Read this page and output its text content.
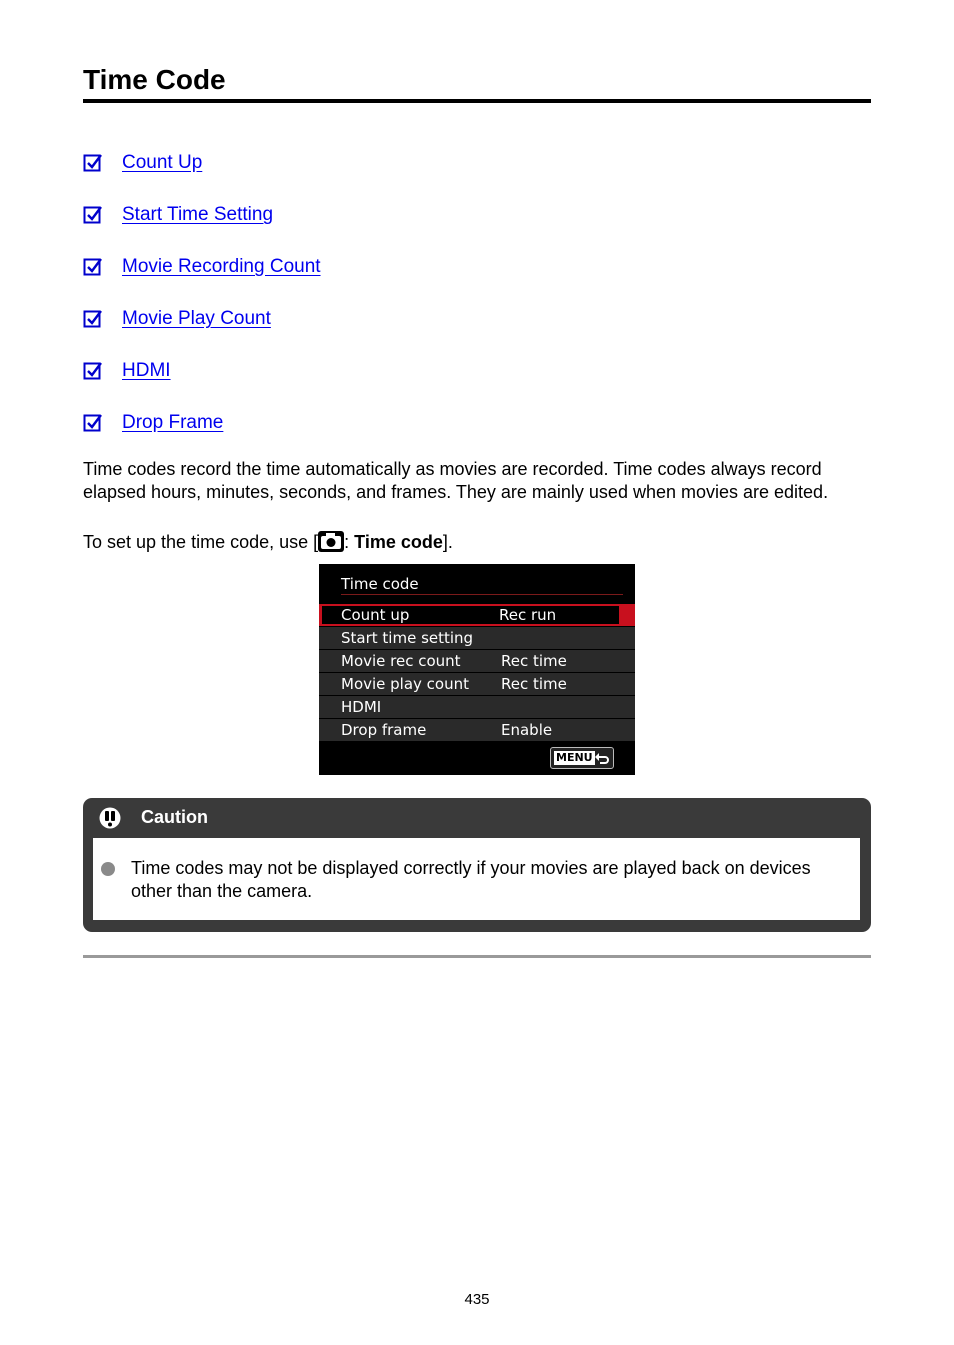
Time Code
Count Up
Start Time Setting
Movie Recording Count
Movie Play Count
HDMI
Drop Frame

Time codes record the time automatically as movies are recorded. Time codes always record elapsed hours, minutes, seconds, and frames. They are mainly used when movies are edited.

To set up the time code, use [ : Time code].

Time code
Count up	Rec run
Start time setting
Movie rec count	Rec time
Movie play count Rec time
HDMI
Drop frame	Enable
MENU
Caution

Time codes may not be displayed correctly if your movies are played back on devices other than the camera.

435
